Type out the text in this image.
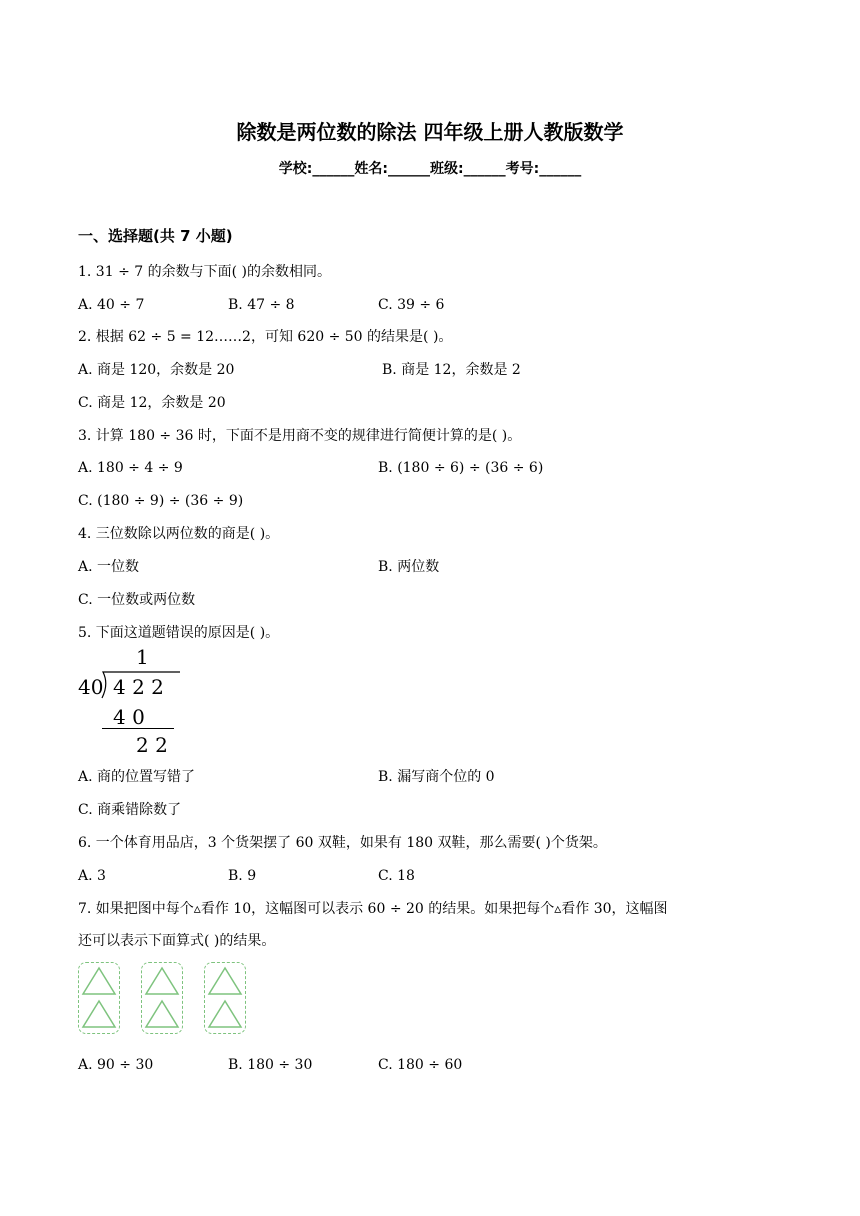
除数是两位数的除法 四年级上册人教版数学
学校:______姓名:______班级:______考号:______
一、选择题(共 7 小题)
1. 31 ÷ 7 的余数与下面( )的余数相同。
A. 40 ÷ 7	B. 47 ÷ 8	C. 39 ÷ 6
2. 根据 62 ÷ 5 = 12……2，可知 620 ÷ 50 的结果是( )。
A. 商是 120，余数是 20	B. 商是 12，余数是 2
C. 商是 12，余数是 20
3. 计算 180 ÷ 36 时，下面不是用商不变的规律进行简便计算的是( )。
A. 180 ÷ 4 ÷ 9	B. (180 ÷ 6) ÷ (36 ÷ 6)
C. (180 ÷ 9) ÷ (36 ÷ 9)
4. 三位数除以两位数的商是( )。
A. 一位数	B. 两位数
C. 一位数或两位数
5. 下面这道题错误的原因是( )。
1
40 4 2 2
4 0
2 2
A. 商的位置写错了	B. 漏写商个位的 0
C. 商乘错除数了
6. 一个体育用品店，3 个货架摆了 60 双鞋，如果有 180 双鞋，那么需要( )个货架。
A. 3	B. 9	C. 18
7. 如果把图中每个▵看作 10，这幅图可以表示 60 ÷ 20 的结果。如果把每个▵看作 30，这幅图
还可以表示下面算式( )的结果。
A. 90 ÷ 30	B. 180 ÷ 30	C. 180 ÷ 60
